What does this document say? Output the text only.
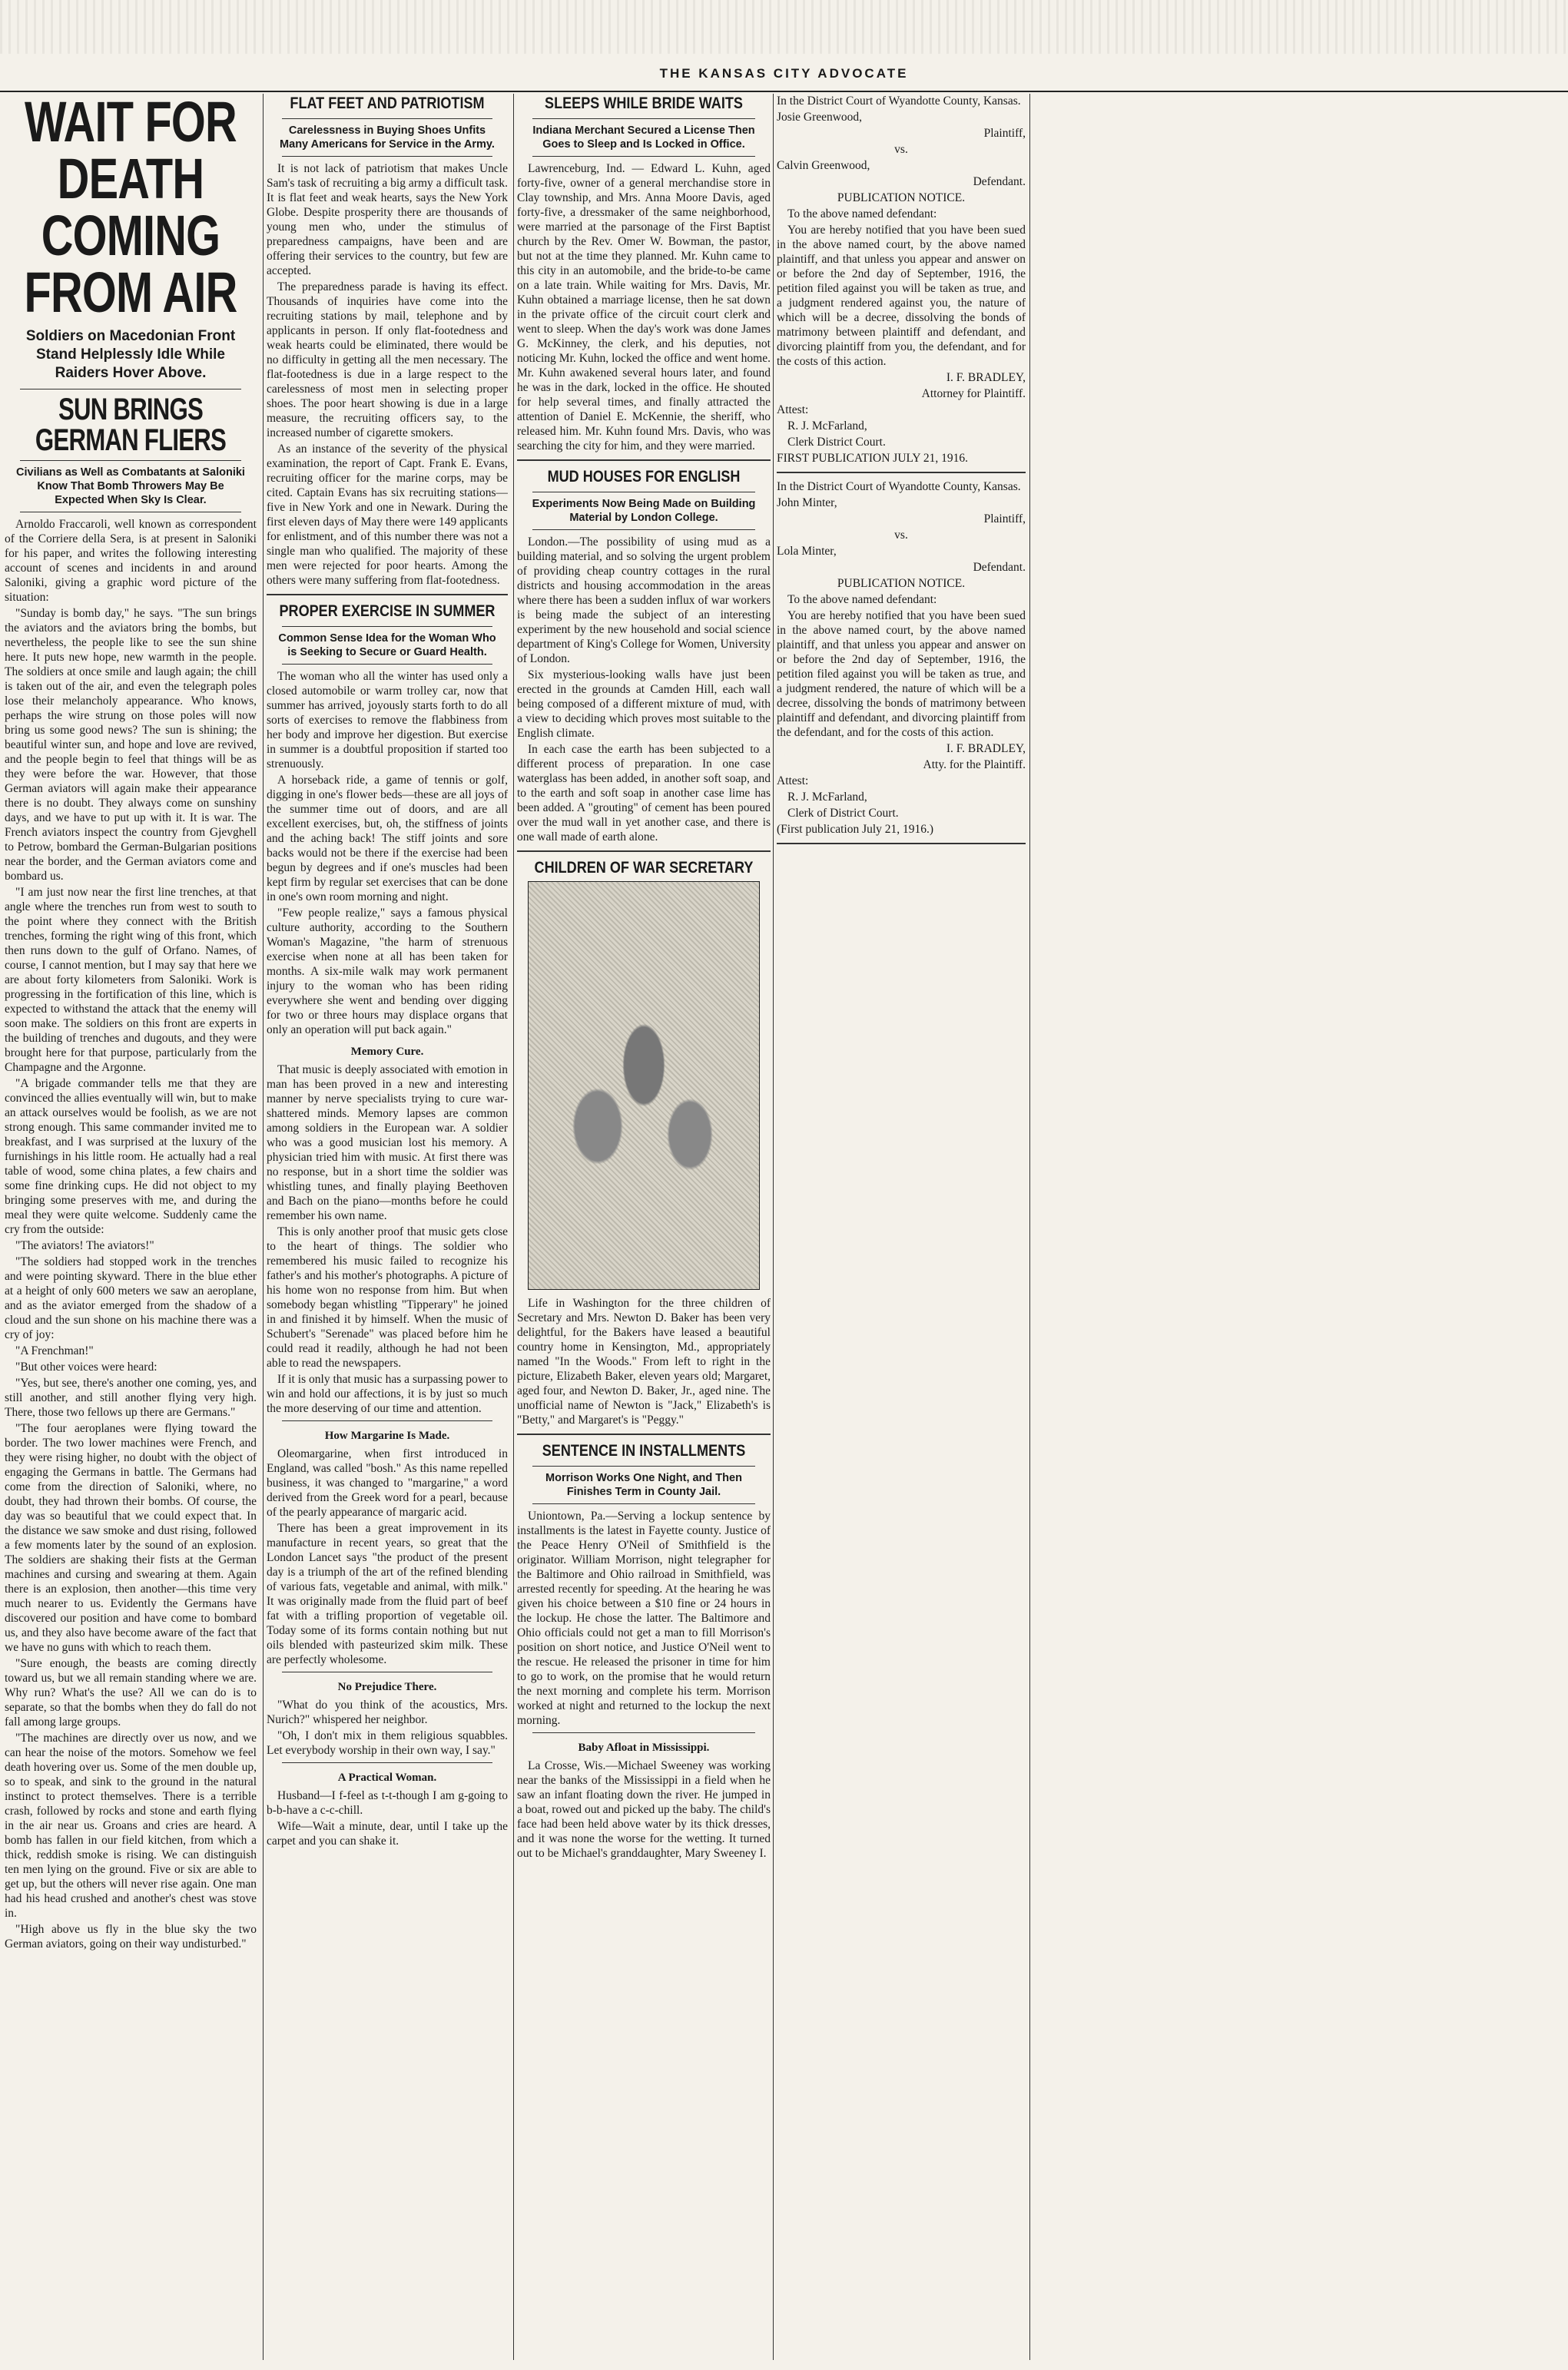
THE KANSAS CITY ADVOCATE
WAIT FOR DEATH
COMING FROM AIR
Soldiers on Macedonian Front Stand Helplessly Idle While Raiders Hover Above.
SUN BRINGS GERMAN FLIERS
Civilians as Well as Combatants at Saloniki Know That Bomb Throwers May Be Expected When Sky Is Clear.

Arnoldo Fraccaroli, well known as correspondent of the Corriere della Sera, is at present in Saloniki for his paper, and writes the following interesting account of scenes and incidents in and around Saloniki, giving a graphic word picture of the situation:

"Sunday is bomb day," he says. "The sun brings the aviators and the aviators bring the bombs, but nevertheless, the people like to see the sun shine here. It puts new hope, new warmth in the people. The soldiers at once smile and laugh again; the chill is taken out of the air, and even the telegraph poles lose their melancholy appearance. Who knows, perhaps the wire strung on those poles will now bring us some good news? The sun is shining; the beautiful winter sun, and hope and love are revived, and the people begin to feel that things will be as they were before the war. However, that those German aviators will again make their appearance there is no doubt. They always come on sunshiny days, and we have to put up with it. It is war. The French aviators inspect the country from Gjevghell to Petrow, bombard the German-Bulgarian positions near the border, and the German aviators come and bombard us.

"I am just now near the first line trenches, at that angle where the trenches run from west to south to the point where they connect with the British trenches, forming the right wing of this front, which then runs down to the gulf of Orfano. Names, of course, I cannot mention, but I may say that here we are about forty kilometers from Saloniki. Work is progressing in the fortification of this line, which is expected to withstand the attack that the enemy will soon make. The soldiers on this front are experts in the building of trenches and dugouts, and they were brought here for that purpose, particularly from the Champagne and the Argonne.

"A brigade commander tells me that they are convinced the allies eventually will win, but to make an attack ourselves would be foolish, as we are not strong enough. This same commander invited me to breakfast, and I was surprised at the luxury of the furnishings in his little room. He actually had a real table of wood, some china plates, a few chairs and some fine drinking cups. He did not object to my bringing some preserves with me, and during the meal they were quite welcome. Suddenly came the cry from the outside:

"The aviators! The aviators!"

"The soldiers had stopped work in the trenches and were pointing skyward. There in the blue ether at a height of only 600 meters we saw an aeroplane, and as the aviator emerged from the shadow of a cloud and the sun shone on his machine there was a cry of joy:

"A Frenchman!"

"But other voices were heard:

"Yes, but see, there's another one coming, yes, and still another, and still another flying very high. There, those two fellows up there are Germans."

"The four aeroplanes were flying toward the border. The two lower machines were French, and they were rising higher, no doubt with the object of engaging the Germans in battle. The Germans had come from the direction of Saloniki, where, no doubt, they had thrown their bombs. Of course, the day was so beautiful that we could expect that. In the distance we saw smoke and dust rising, followed a few moments later by the sound of an explosion. The soldiers are shaking their fists at the German machines and cursing and swearing at them. Again there is an explosion, then another—this time very much nearer to us. Evidently the Germans have discovered our position and have come to bombard us, and they also have become aware of the fact that we have no guns with which to reach them.

"Sure enough, the beasts are coming directly toward us, but we all remain standing where we are. Why run? What's the use? All we can do is to separate, so that the bombs when they do fall do not fall among large groups.

"The machines are directly over us now, and we can hear the noise of the motors. Somehow we feel death hovering over us. Some of the men double up, so to speak, and sink to the ground in the natural instinct to protect themselves. There is a terrible crash, followed by rocks and stone and earth flying in the air near us. Groans and cries are heard. A bomb has fallen in our field kitchen, from which a thick, reddish smoke is rising. We can distinguish ten men lying on the ground. Five or six are able to get up, but the others will never rise again. One man had his head crushed and another's chest was stove in.

"High above us fly in the blue sky the two German aviators, going on their way undisturbed."

FLAT FEET AND PATRIOTISM
Carelessness in Buying Shoes Unfits Many Americans for Service in the Army.

It is not lack of patriotism that makes Uncle Sam's task of recruiting a big army a difficult task. It is flat feet and weak hearts, says the New York Globe. Despite prosperity there are thousands of young men who, under the stimulus of preparedness campaigns, have been and are offering their services to the country, but few are accepted.

The preparedness parade is having its effect. Thousands of inquiries have come into the recruiting stations by mail, telephone and by applicants in person. If only flat-footedness and weak hearts could be eliminated, there would be no difficulty in getting all the men necessary. The flat-footedness is due in a large respect to the carelessness of most men in selecting proper shoes. The poor heart showing is due in a large measure, the recruiting officers say, to the increased number of cigarette smokers.

As an instance of the severity of the physical examination, the report of Capt. Frank E. Evans, recruiting officer for the marine corps, may be cited. Captain Evans has six recruiting stations—five in New York and one in Newark. During the first eleven days of May there were 149 applicants for enlistment, and of this number there was not a single man who qualified. The majority of these men were rejected for poor hearts. Among the others were many suffering from flat-footedness.

PROPER EXERCISE IN SUMMER
Common Sense Idea for the Woman Who is Seeking to Secure or Guard Health.

The woman who all the winter has used only a closed automobile or warm trolley car, now that summer has arrived, joyously starts forth to do all sorts of exercises to remove the flabbiness from her body and improve her digestion. But exercise in summer is a doubtful proposition if started too strenuously.

A horseback ride, a game of tennis or golf, digging in one's flower beds—these are all joys of the summer time out of doors, and are all excellent exercises, but, oh, the stiffness of joints and the aching back! The stiff joints and sore backs would not be there if the exercise had been begun by degrees and if one's muscles had been kept firm by regular set exercises that can be done in one's own room morning and night.

"Few people realize," says a famous physical culture authority, according to the Southern Woman's Magazine, "the harm of strenuous exercise when none at all has been taken for months. A six-mile walk may work permanent injury to the woman who has been riding everywhere she went and bending over digging for two or three hours may displace organs that only an operation will put back again."

Memory Cure.

That music is deeply associated with emotion in man has been proved in a new and interesting manner by nerve specialists trying to cure war-shattered minds. Memory lapses are common among soldiers in the European war. A soldier who was a good musician lost his memory. A physician tried him with music. At first there was no response, but in a short time the soldier was whistling tunes, and finally playing Beethoven and Bach on the piano—months before he could remember his own name.

This is only another proof that music gets close to the heart of things. The soldier who remembered his music failed to recognize his father's and his mother's photographs. A picture of his home won no response from him. But when somebody began whistling "Tipperary" he joined in and finished it by himself. When the music of Schubert's "Serenade" was placed before him he could read it readily, although he had not been able to read the newspapers.

If it is only that music has a surpassing power to win and hold our affections, it is by just so much the more deserving of our time and attention.

How Margarine Is Made.

Oleomargarine, when first introduced in England, was called "bosh." As this name repelled business, it was changed to "margarine," a word derived from the Greek word for a pearl, because of the pearly appearance of margaric acid.

There has been a great improvement in its manufacture in recent years, so great that the London Lancet says "the product of the present day is a triumph of the art of the refined blending of various fats, vegetable and animal, with milk." It was originally made from the fluid part of beef fat with a trifling proportion of vegetable oil. Today some of its forms contain nothing but nut oils blended with pasteurized skim milk. These are perfectly wholesome.

No Prejudice There.

"What do you think of the acoustics, Mrs. Nurich?" whispered her neighbor.

"Oh, I don't mix in them religious squabbles. Let everybody worship in their own way, I say."

A Practical Woman.

Husband—I f-feel as t-t-though I am g-going to b-b-have a c-c-chill.

Wife—Wait a minute, dear, until I take up the carpet and you can shake it.

SLEEPS WHILE BRIDE WAITS
Indiana Merchant Secured a License Then Goes to Sleep and Is Locked in Office.

Lawrenceburg, Ind. — Edward L. Kuhn, aged forty-five, owner of a general merchandise store in Clay township, and Mrs. Anna Moore Davis, aged forty-five, a dressmaker of the same neighborhood, were married at the parsonage of the First Baptist church by the Rev. Omer W. Bowman, the pastor, but not at the time they planned. Mr. Kuhn came to this city in an automobile, and the bride-to-be came on a late train. While waiting for Mrs. Davis, Mr. Kuhn obtained a marriage license, then he sat down in the private office of the circuit court clerk and went to sleep. When the day's work was done James G. McKinney, the clerk, and his deputies, not noticing Mr. Kuhn, locked the office and went home. Mr. Kuhn awakened several hours later, and found he was in the dark, locked in the office. He shouted for help several times, and finally attracted the attention of Daniel E. McKennie, the sheriff, who released him. Mr. Kuhn found Mrs. Davis, who was searching the city for him, and they were married.

MUD HOUSES FOR ENGLISH
Experiments Now Being Made on Building Material by London College.

London.—The possibility of using mud as a building material, and so solving the urgent problem of providing cheap country cottages in the rural districts and housing accommodation in the areas where there has been a sudden influx of war workers is being made the subject of an interesting experiment by the new household and social science department of King's College for Women, University of London.

Six mysterious-looking walls have just been erected in the grounds at Camden Hill, each wall being composed of a different mixture of mud, with a view to deciding which proves most suitable to the English climate.

In each case the earth has been subjected to a different process of preparation. In one case waterglass has been added, in another soft soap, and to the earth and soft soap in another case lime has been added. A "grouting" of cement has been poured over the mud wall in yet another case, and there is one wall made of earth alone.

CHILDREN OF WAR SECRETARY

Life in Washington for the three children of Secretary and Mrs. Newton D. Baker has been very delightful, for the Bakers have leased a beautiful country home in Kensington, Md., appropriately named "In the Woods." From left to right in the picture, Elizabeth Baker, eleven years old; Margaret, aged four, and Newton D. Baker, Jr., aged nine. The unofficial name of Newton is "Jack," Elizabeth's is "Betty," and Margaret's is "Peggy."

SENTENCE IN INSTALLMENTS
Morrison Works One Night, and Then Finishes Term in County Jail.

Uniontown, Pa.—Serving a lockup sentence by installments is the latest in Fayette county. Justice of the Peace Henry O'Neil of Smithfield is the originator. William Morrison, night telegrapher for the Baltimore and Ohio railroad in Smithfield, was arrested recently for speeding. At the hearing he was given his choice between a $10 fine or 24 hours in the lockup. He chose the latter. The Baltimore and Ohio officials could not get a man to fill Morrison's position on short notice, and Justice O'Neil went to the rescue. He released the prisoner in time for him to go to work, on the promise that he would return the next morning and complete his term. Morrison worked at night and returned to the lockup the next morning.

Baby Afloat in Mississippi.

La Crosse, Wis.—Michael Sweeney was working near the banks of the Mississippi in a field when he saw an infant floating down the river. He jumped in a boat, rowed out and picked up the baby. The child's face had been held above water by its thick dresses, and it was none the worse for the wetting. It turned out to be Michael's granddaughter, Mary Sweeney I.

In the District Court of Wyandotte County, Kansas.

Josie Greenwood,

Plaintiff,

vs.

Calvin Greenwood,

Defendant.

PUBLICATION NOTICE.

To the above named defendant:

You are hereby notified that you have been sued in the above named court, by the above named plaintiff, and that unless you appear and answer on or before the 2nd day of September, 1916, the petition filed against you will be taken as true, and a judgment rendered against you, the nature of which will be a decree, dissolving the bonds of matrimony between plaintiff and defendant, and divorcing plaintiff from you, the defendant, and for the costs of this action.

I. F. BRADLEY,

Attorney for Plaintiff.

Attest:

R. J. McFarland,

Clerk District Court.

FIRST PUBLICATION JULY 21, 1916.

In the District Court of Wyandotte County, Kansas.

John Minter,

Plaintiff,

vs.

Lola Minter,

Defendant.

PUBLICATION NOTICE.

To the above named defendant:

You are hereby notified that you have been sued in the above named court, by the above named plaintiff, and that unless you appear and answer on or before the 2nd day of September, 1916, the petition filed against you will be taken as true, and a judgment rendered, the nature of which will be a decree, dissolving the bonds of matrimony between plaintiff and defendant, and divorcing plaintiff from the defendant, and for the costs of this action.

I. F. BRADLEY,

Atty. for the Plaintiff.

Attest:

R. J. McFarland,

Clerk of District Court.

(First publication July 21, 1916.)
